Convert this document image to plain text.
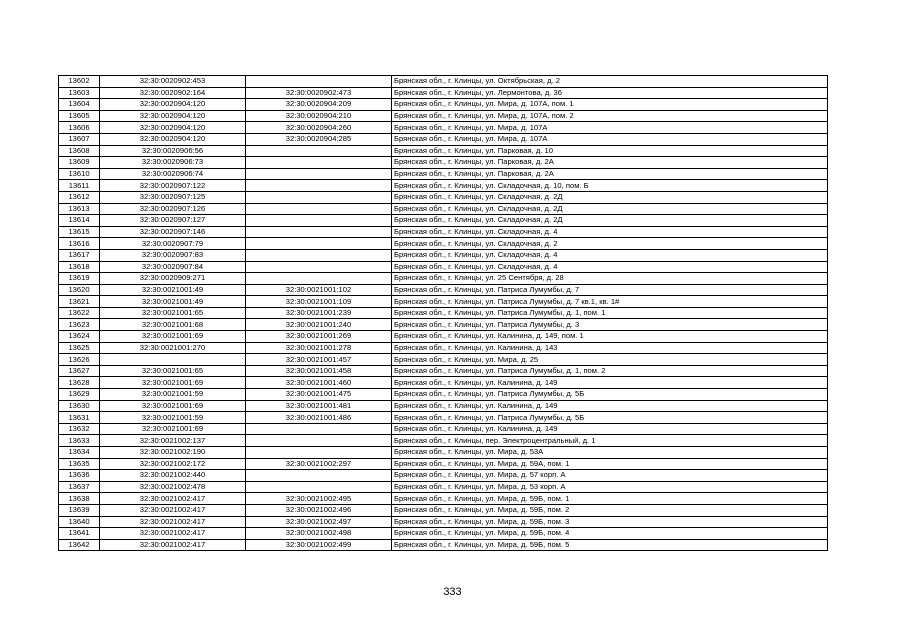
13602	32:30:0020902:453		Брянская обл., г. Клинцы, ул. Октябрьская, д. 2
13603	32:30:0020902:164	32:30:0020902:473	Брянская обл., г. Клинцы, ул. Лермонтова, д. 36
13604	32:30:0020904:120	32:30:0020904:209	Брянская обл., г. Клинцы, ул. Мира, д. 107А, пом. 1
13605	32:30:0020904:120	32:30:0020904:210	Брянская обл., г. Клинцы, ул. Мира, д. 107А, пом. 2
13606	32:30:0020904:120	32:30:0020904:260	Брянская обл., г. Клинцы, ул. Мира, д. 107А
13607	32:30:0020904:120	32:30:0020904:285	Брянская обл., г. Клинцы, ул. Мира, д. 107А
13608	32:30:0020906:56		Брянская обл., г. Клинцы, ул. Парковая, д. 10
13609	32:30:0020906:73		Брянская обл., г. Клинцы, ул. Парковая, д. 2А
13610	32:30:0020906:74		Брянская обл., г. Клинцы, ул. Парковая, д. 2А
13611	32:30:0020907:122		Брянская обл., г. Клинцы, ул. Складочная, д. 10, пом. Б
13612	32:30:0020907:125		Брянская обл., г. Клинцы, ул. Складочная, д. 2Д
13613	32:30:0020907:126		Брянская обл., г. Клинцы, ул. Складочная, д. 2Д
13614	32:30:0020907:127		Брянская обл., г. Клинцы, ул. Складочная, д. 2Д
13615	32:30:0020907:146		Брянская обл., г. Клинцы, ул. Складочная, д. 4
13616	32:30:0020907:79		Брянская обл., г. Клинцы, ул. Складочная, д. 2
13617	32:30:0020907:83		Брянская обл., г. Клинцы, ул. Складочная, д. 4
13618	32:30:0020907:84		Брянская обл., г. Клинцы, ул. Складочная, д. 4
13619	32:30:0020909:271		Брянская обл., г. Клинцы, ул. 25 Сентября, д. 28
13620	32:30:0021001:49	32:30:0021001:102	Брянская обл., г. Клинцы, ул. Патриса Лумумбы, д. 7
13621	32:30:0021001:49	32:30:0021001:109	Брянская обл., г. Клинцы, ул. Патриса Лумумбы, д. 7 кв.1, кв. 1#
13622	32:30:0021001:65	32:30:0021001:239	Брянская обл., г. Клинцы, ул. Патриса Лумумбы, д. 1, пом. 1
13623	32:30:0021001:68	32:30:0021001:240	Брянская обл., г. Клинцы, ул. Патриса Лумумбы, д. 3
13624	32:30:0021001:69	32:30:0021001:269	Брянская обл., г. Клинцы, ул. Калинина, д. 149, пом. 1
13625	32:30:0021001:270	32:30:0021001:278	Брянская обл., г. Клинцы, ул. Калинина, д. 143
13626		32:30:0021001:457	Брянская обл., г. Клинцы, ул. Мира, д. 25
13627	32:30:0021001:65	32:30:0021001:458	Брянская обл., г. Клинцы, ул. Патриса Лумумбы, д. 1, пом. 2
13628	32:30:0021001:69	32:30:0021001:460	Брянская обл., г. Клинцы, ул. Калинина, д. 149
13629	32:30:0021001:59	32:30:0021001:475	Брянская обл., г. Клинцы, ул. Патриса Лумумбы, д. 5Б
13630	32:30:0021001:69	32:30:0021001:481	Брянская обл., г. Клинцы, ул. Калинина, д. 149
13631	32:30:0021001:59	32:30:0021001:486	Брянская обл., г. Клинцы, ул. Патриса Лумумбы, д. 5Б
13632	32:30:0021001:69		Брянская обл., г. Клинцы, ул. Калинина, д. 149
13633	32:30:0021002:137		Брянская обл., г. Клинцы, пер. Электроцентральный, д. 1
13634	32:30:0021002:190		Брянская обл., г. Клинцы, ул. Мира, д. 53А
13635	32:30:0021002:172	32:30:0021002:297	Брянская обл., г. Клинцы, ул. Мира, д. 59А, пом. 1
13636	32:30:0021002:440		Брянская обл., г. Клинцы, ул. Мира, д. 57 корп. А
13637	32:30:0021002:478		Брянская обл., г. Клинцы, ул. Мира, д. 53 корп. А
13638	32:30:0021002:417	32:30:0021002:495	Брянская обл., г. Клинцы, ул. Мира, д. 59Б, пом. 1
13639	32:30:0021002:417	32:30:0021002:496	Брянская обл., г. Клинцы, ул. Мира, д. 59Б, пом. 2
13640	32:30:0021002:417	32:30:0021002:497	Брянская обл., г. Клинцы, ул. Мира, д. 59Б, пом. 3
13641	32:30:0021002:417	32:30:0021002:498	Брянская обл., г. Клинцы, ул. Мира, д. 59Б, пом. 4
13642	32:30:0021002:417	32:30:0021002:499	Брянская обл., г. Клинцы, ул. Мира, д. 59Б, пом. 5
333
